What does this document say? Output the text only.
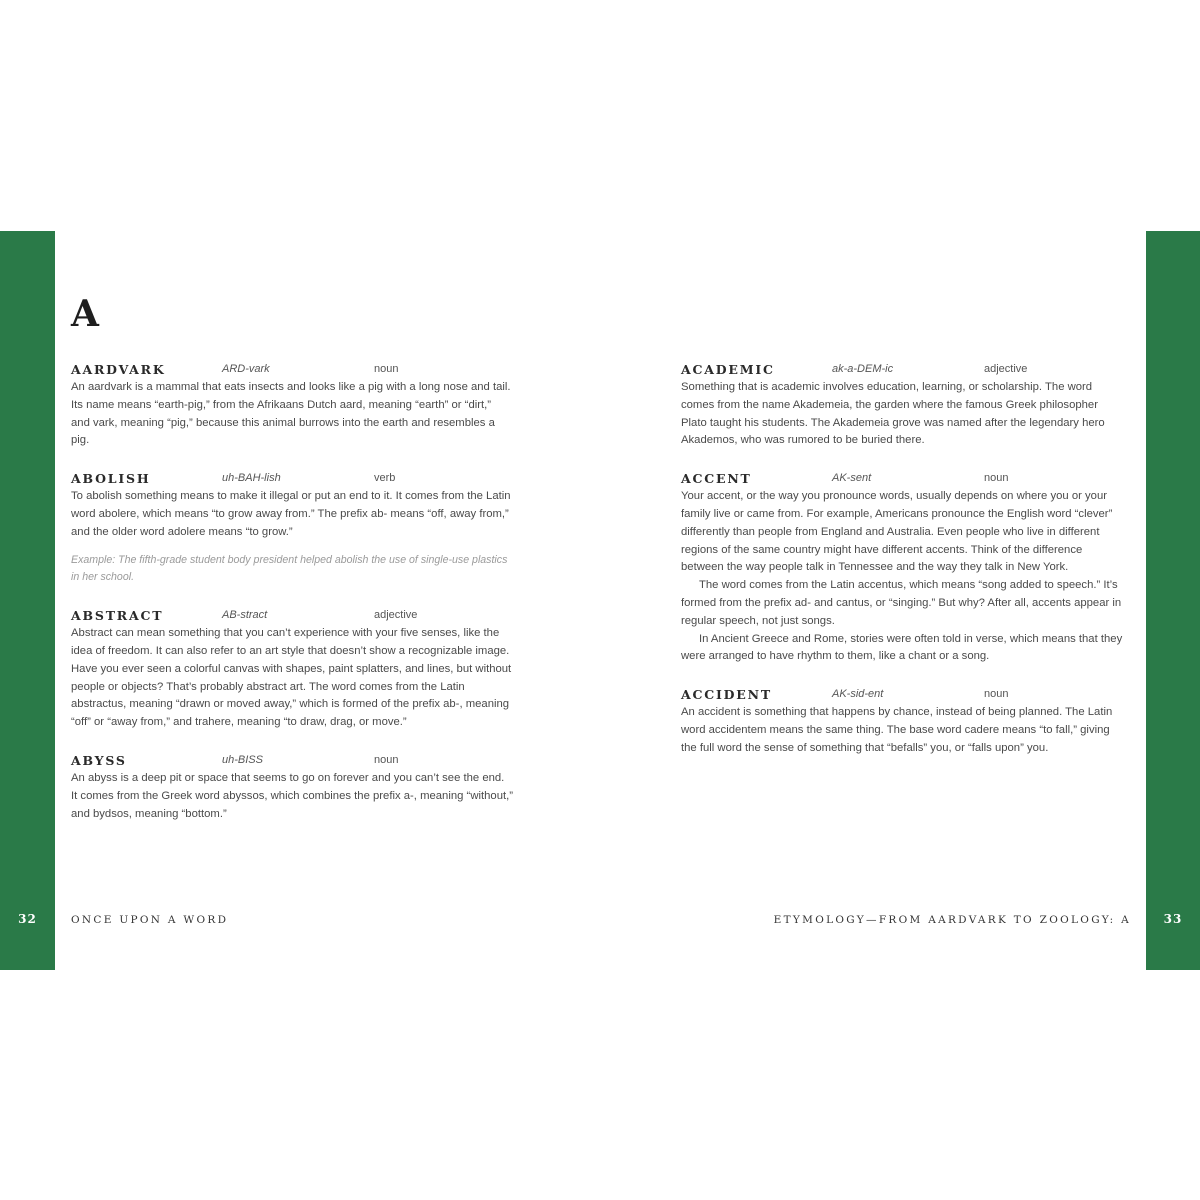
32	ONCE UPON A WORD
A
AARDVARK	ARD-vark	noun

An aardvark is a mammal that eats insects and looks like a pig with a long nose and tail. Its name means “earth-pig,” from the Afrikaans Dutch aard, meaning “earth” or “dirt,” and vark, meaning “pig,” because this animal burrows into the earth and resembles a pig.

ABOLISH	uh-BAH-lish	verb

To abolish something means to make it illegal or put an end to it. It comes from the Latin word abolere, which means “to grow away from.” The prefix ab- means “off, away from,” and the older word adolere means “to grow.”

Example: The fifth-grade student body president helped abolish the use of single-use plastics in her school.

ABSTRACT	AB-stract	adjective

Abstract can mean something that you can’t experience with your five senses, like the idea of freedom. It can also refer to an art style that doesn’t show a recognizable image. Have you ever seen a colorful canvas with shapes, paint splatters, and lines, but without people or objects? That’s probably abstract art. The word comes from the Latin abstractus, meaning “drawn or moved away,” which is formed of the prefix ab-, meaning “off” or “away from,” and trahere, meaning “to draw, drag, or move.”

ABYSS	uh-BISS	noun

An abyss is a deep pit or space that seems to go on forever and you can’t see the end. It comes from the Greek word abyssos, which combines the prefix a-, meaning “without,” and bydsos, meaning “bottom.”

ACADEMIC	ak-a-DEM-ic	adjective

Something that is academic involves education, learning, or scholarship. The word comes from the name Akademeia, the garden where the famous Greek philosopher Plato taught his students. The Akademeia grove was named after the legendary hero Akademos, who was rumored to be buried there.

ACCENT	AK-sent	noun

Your accent, or the way you pronounce words, usually depends on where you or your family live or came from. For example, Americans pronounce the English word “clever” differently than people from England and Australia. Even people who live in different regions of the same country might have different accents. Think of the difference between the way people talk in Tennessee and the way they talk in New York.

The word comes from the Latin accentus, which means “song added to speech.” It’s formed from the prefix ad- and cantus, or “singing.” But why? After all, accents appear in regular speech, not just songs.

In Ancient Greece and Rome, stories were often told in verse, which means that they were arranged to have rhythm to them, like a chant or a song.

ACCIDENT	AK-sid-ent	noun

An accident is something that happens by chance, instead of being planned. The Latin word accidentem means the same thing. The base word cadere means “to fall,” giving the full word the sense of something that “befalls” you, or “falls upon” you.

ETYMOLOGY—FROM AARDVARK TO ZOOLOGY: A	33
